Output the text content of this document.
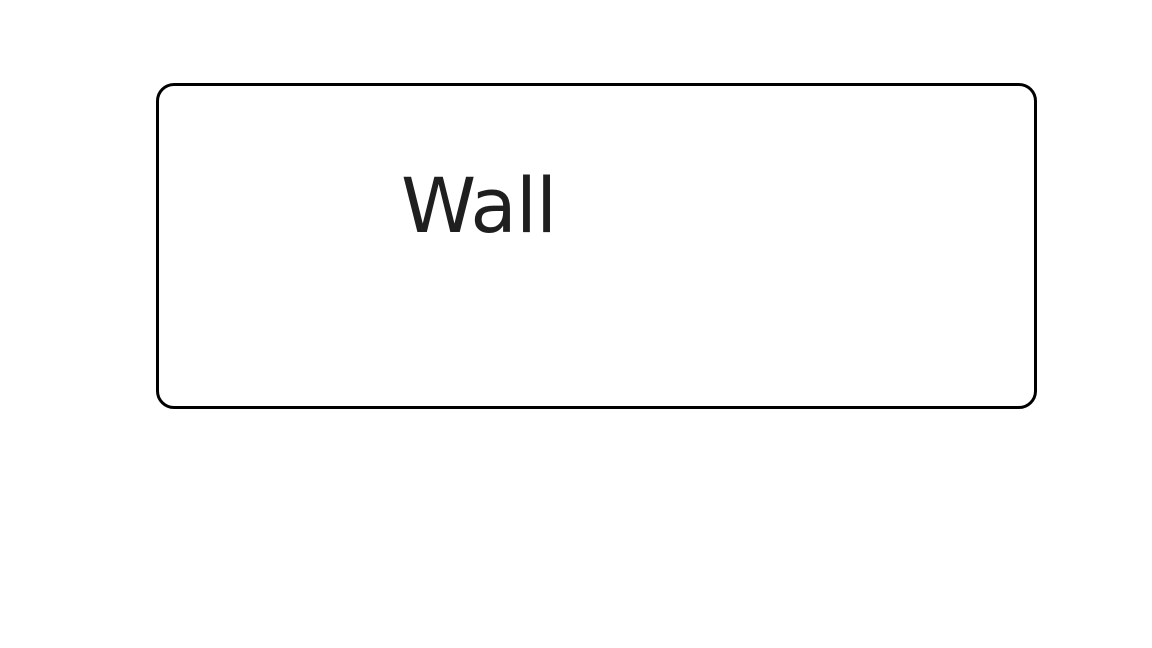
Wall
